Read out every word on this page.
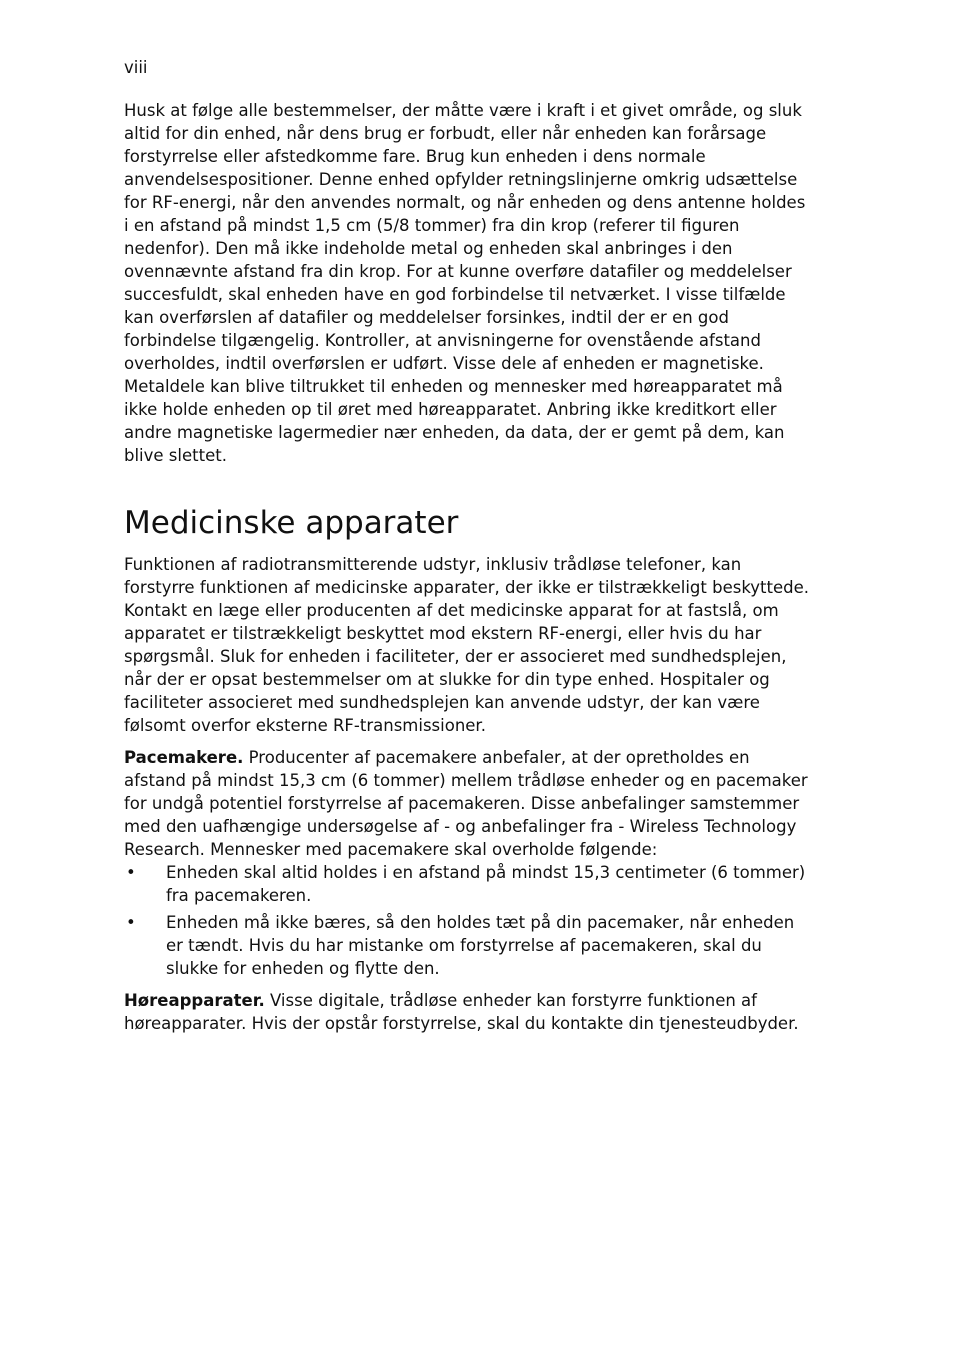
viii

Husk at følge alle bestemmelser, der måtte være i kraft i et givet område, og sluk altid for din enhed, når dens brug er forbudt, eller når enheden kan forårsage forstyrrelse eller afstedkomme fare. Brug kun enheden i dens normale anvendelsespositioner. Denne enhed opfylder retningslinjerne omkrig udsættelse for RF-energi, når den anvendes normalt, og når enheden og dens antenne holdes i en afstand på mindst 1,5 cm (5/8 tommer) fra din krop (referer til figuren nedenfor). Den må ikke indeholde metal og enheden skal anbringes i den ovennævnte afstand fra din krop. For at kunne overføre datafiler og meddelelser succesfuldt, skal enheden have en god forbindelse til netværket. I visse tilfælde kan overførslen af datafiler og meddelelser forsinkes, indtil der er en god forbindelse tilgængelig. Kontroller, at anvisningerne for ovenstående afstand overholdes, indtil overførslen er udført. Visse dele af enheden er magnetiske. Metaldele kan blive tiltrukket til enheden og mennesker med høreapparatet må ikke holde enheden op til øret med høreapparatet. Anbring ikke kreditkort eller andre magnetiske lagermedier nær enheden, da data, der er gemt på dem, kan blive slettet.

Medicinske apparater

Funktionen af radiotransmitterende udstyr, inklusiv trådløse telefoner, kan forstyrre funktionen af medicinske apparater, der ikke er tilstrækkeligt beskyttede. Kontakt en læge eller producenten af det medicinske apparat for at fastslå, om apparatet er tilstrækkeligt beskyttet mod ekstern RF-energi, eller hvis du har spørgsmål. Sluk for enheden i faciliteter, der er associeret med sundhedsplejen, når der er opsat bestemmelser om at slukke for din type enhed. Hospitaler og faciliteter associeret med sundhedsplejen kan anvende udstyr, der kan være følsomt overfor eksterne RF-transmissioner.

Pacemakere. Producenter af pacemakere anbefaler, at der opretholdes en afstand på mindst 15,3 cm (6 tommer) mellem trådløse enheder og en pacemaker for undgå potentiel forstyrrelse af pacemakeren. Disse anbefalinger samstemmer med den uafhængige undersøgelse af - og anbefalinger fra - Wireless Technology Research. Mennesker med pacemakere skal overholde følgende:

• Enheden skal altid holdes i en afstand på mindst 15,3 centimeter (6 tommer) fra pacemakeren.
• Enheden må ikke bæres, så den holdes tæt på din pacemaker, når enheden er tændt. Hvis du har mistanke om forstyrrelse af pacemakeren, skal du slukke for enheden og flytte den.

Høreapparater. Visse digitale, trådløse enheder kan forstyrre funktionen af høreapparater. Hvis der opstår forstyrrelse, skal du kontakte din tjenesteudbyder.
